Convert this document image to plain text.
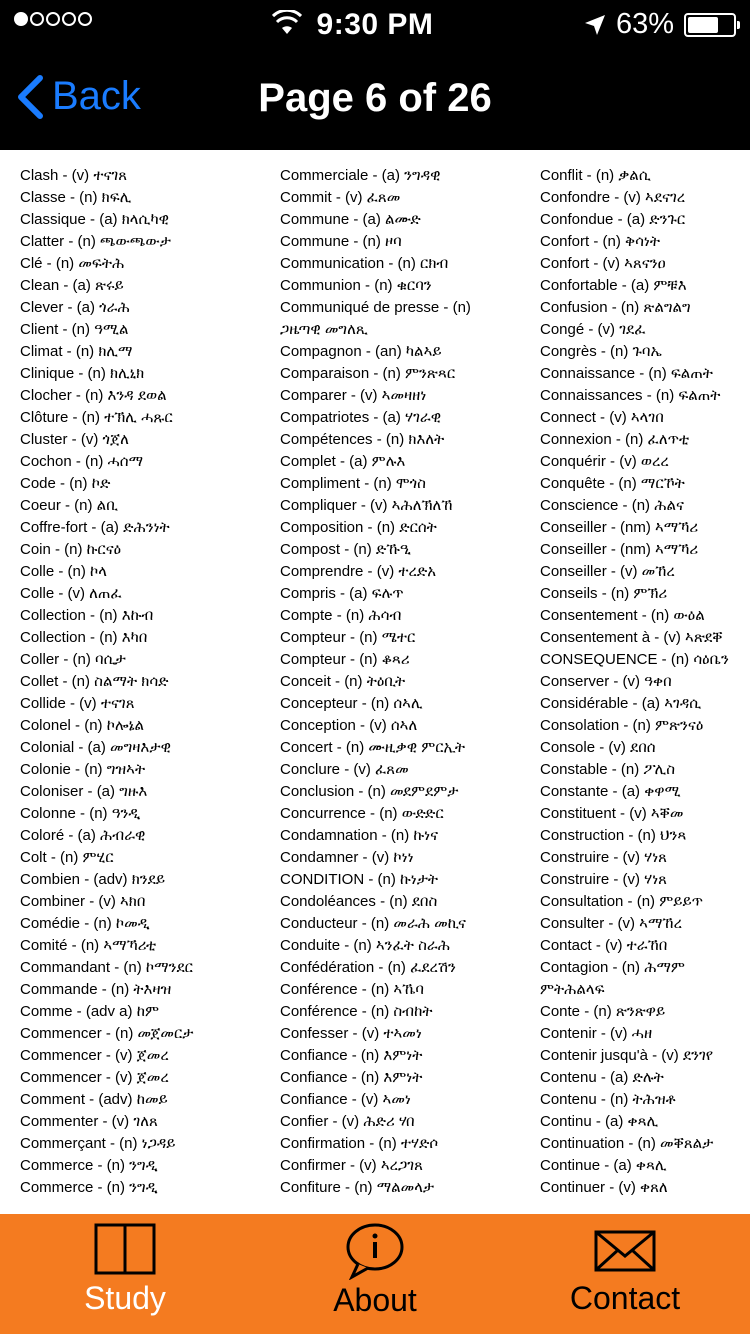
9:30 PM	63%
Back	Page 6 of 26
Clash - (v) ተናገጸ
Classe - (n) ክፍሊ
Classique - (a) ክላሲካዊ
Clatter - (n) ጫውጫውታ
Clé - (n) መፍትሕ
Clean - (a) ጽሩይ
Clever - (a) ጎራሕ
Client - (n) ዓሚል
Climat - (n) ክሊማ
Clinique - (n) ክሊኒክ
Clocher - (n) እንዳ ደወል
Clôture - (n) ተኽሊ ሓጹር
Cluster - (v) ጎጀለ
Cochon - (n) ሓሰማ
Code - (n) ኮድ
Coeur - (n) ልቢ
Coffre-fort - (a) ድሕንነት
Coin - (n) ኩርናዕ
Colle - (n) ኮላ
Colle - (v) ለጠፈ
Collection - (n) እኩብ
Collection - (n) እካበ
Coller - (n) ባሲታ
Collet - (n) ስልማት ክሳድ
Collide - (v) ተናገጸ
Colonel - (n) ኮሎኔል
Colonial - (a) መግዛእታዊ
Colonie - (n) ግዝኣት
Coloniser - (a) ግዙእ
Colonne - (n) ዓንዲ
Coloré - (a) ሕብራዊ
Colt - (n) ምሂር
Combien - (adv) ክንደይ
Combiner - (v) ኣክበ
Comédie - (n) ኮመዲ
Comité - (n) ኣማኻሪቲ
Commandant - (n) ኮማንደር
Commande - (n) ትእዛዝ
Comme - (adv a) ከም
Commencer - (n) መጀመርታ
Commencer - (v) ጀመረ
Commencer - (v) ጀመረ
Comment - (adv) ከመይ
Commenter - (v) ገለጸ
Commerçant - (n) ነጋዳይ
Commerce - (n) ንግዲ
Commerce - (n) ንግዲ
Commerciale - (a) ንግዳዊ
Commit - (v) ፈጸመ
Commune - (a) ልሙድ
Commune - (n) ዞባ
Communication - (n) ርክብ
Communion - (n) ቁርባን
Communiqué de presse - (n)
ጋዜጣዊ መግለጺ
Compagnon - (an) ካልኣይ
Comparaison - (n) ምንጽጻር
Comparer - (v) ኣመዛዘነ
Compatriotes - (a) ሃገራዊ
Compétences - (n) ክእለት
Complet - (a) ምሉእ
Compliment - (n) ሞጎስ
Compliquer - (v) ኣሕለኽለኸ
Composition - (n) ድርሰት
Compost - (n) ድኹዒ
Comprendre - (v) ተረድአ
Compris - (a) ፍሉጥ
Compte - (n) ሕሳብ
Compteur - (n) ሜተር
Compteur - (n) ቆጻሪ
Conceit - (n) ትዕቢት
Concepteur - (n) ሰኣሊ
Conception - (v) ሰኣለ
Concert - (n) ሙዚቃዊ ምርኢት
Conclure - (v) ፈጸመ
Conclusion - (n) መደምደምታ
Concurrence - (n) ውድድር
Condamnation - (n) ኩነና
Condamner - (v) ኮነነ
CONDITION - (n) ኩነታት
Condoléances - (n) ደበስ
Conducteur - (n) መራሕ መኪና
Conduite - (n) ኣንፈት ስራሕ
Confédération - (n) ፈደረሽን
Conférence - (n) ኣኼባ
Conférence - (n) ስብከት
Confesser - (v) ተኣመነ
Confiance - (n) እምነት
Confiance - (n) እምነት
Confiance - (v) ኣመነ
Confier - (v) ሕድሪ ሃበ
Confirmation - (n) ተሃድሶ
Confirmer - (v) ኣረጋገጸ
Confiture - (n) ማልመላታ
Conflit - (n) ቃልሲ
Confondre - (v) ኣደናገረ
Confondue - (a) ድንጉር
Confort - (n) ቅሳነት
Confort - (v) ኣጸናንዐ
Confortable - (a) ምቹእ
Confusion - (n) ጽልግልግ
Congé - (v) ገደፈ
Congrès - (n) ጉባኤ
Connaissance - (n) ፍልጠት
Connaissances - (n) ፍልጠት
Connect - (v) ኣላገበ
Connexion - (n) ፈለጥቲ
Conquérir - (v) ወረረ
Conquête - (n) ማርኾት
Conscience - (n) ሕልና
Conseiller - (nm) ኣማኻሪ
Conseiller - (nm) ኣማኻሪ
Conseiller - (v) መኸረ
Conseils - (n) ምኽሪ
Consentement - (n) ውዕል
Consentement à - (v) ኣጽደቐ
CONSEQUENCE - (n) ሳዕቤን
Conserver - (v) ዓቀበ
Considérable - (a) ኣገዳሲ
Consolation - (n) ምጽንናዕ
Console - (v) ደበሰ
Constable - (n) ፖሊስ
Constante - (a) ቀዋሚ
Constituent - (v) ኣቐመ
Construction - (n) ህንጻ
Construire - (v) ሃነጸ
Construire - (v) ሃነጸ
Consultation - (n) ምይይጥ
Consulter - (v) ኣማኸረ
Contact - (v) ተራኸበ
Contagion - (n) ሕማም
ምትሕልላፍ
Conte - (n) ጽንጽዋይ
Contenir - (v) ሓዘ
Contenir jusqu'à - (v) ደንገየ
Contenu - (a) ድሉት
Contenu - (n) ትሕዝቶ
Continu - (a) ቀጻሊ
Continuation - (n) መቐጸልታ
Continue - (a) ቀጻሊ
Continuer - (v) ቀጸለ
Study	About	Contact
